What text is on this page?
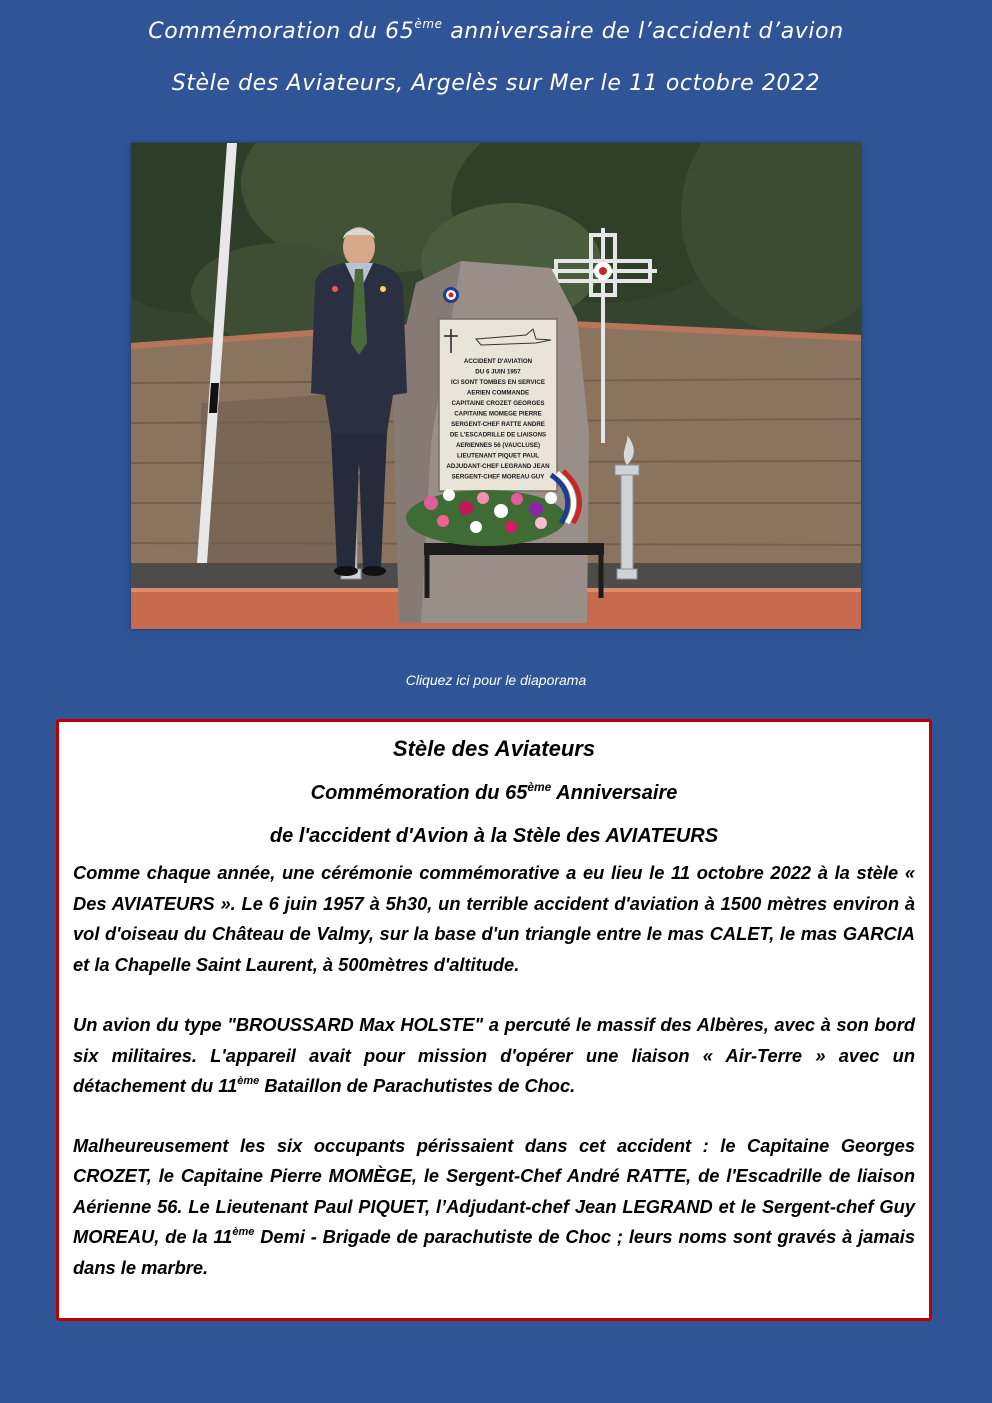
Commémoration du 65ème anniversaire de l’accident d’avion
Stèle des Aviateurs, Argelès sur Mer le 11 octobre 2022
ACCIDENT D'AVIATION
DU 6 JUIN 1957
ICI SONT TOMBES EN SERVICE
AERIEN COMMANDE
CAPITAINE CROZET GEORGES
CAPITAINE MOMEGE PIERRE
SERGENT-CHEF RATTE ANDRE
DE L'ESCADRILLE DE LIAISONS
AERIENNES 56 (VAUCLUSE)
LIEUTENANT PIQUET PAUL
ADJUDANT-CHEF LEGRAND JEAN
SERGENT-CHEF MOREAU GUY
Cliquez ici pour le diaporama
Stèle des Aviateurs
Commémoration du 65ème Anniversaire
de l'accident d'Avion à la Stèle des AVIATEURS

Comme chaque année, une cérémonie commémorative a eu lieu le 11 octobre 2022 à la stèle « Des AVIATEURS ». Le 6 juin 1957 à 5h30, un terrible accident d'aviation à 1500 mètres environ à vol d'oiseau du Château de Valmy, sur la base d'un triangle entre le mas CALET, le mas GARCIA et la Chapelle Saint Laurent, à 500mètres d'altitude.

Un avion du type "BROUSSARD Max HOLSTE" a percuté le massif des Albères, avec à son bord six militaires. L'appareil avait pour mission d'opérer une liaison « Air-Terre » avec un détachement du 11ème Bataillon de Parachutistes de Choc.

Malheureusement les six occupants périssaient dans cet accident : le Capitaine Georges CROZET, le Capitaine Pierre MOMÈGE, le Sergent-Chef André RATTE, de l'Escadrille de liaison Aérienne 56. Le Lieutenant Paul PIQUET, l’Adjudant-chef Jean LEGRAND et le Sergent-chef Guy MOREAU, de la 11ème Demi - Brigade de parachutiste de Choc ; leurs noms sont gravés à jamais dans le marbre.
